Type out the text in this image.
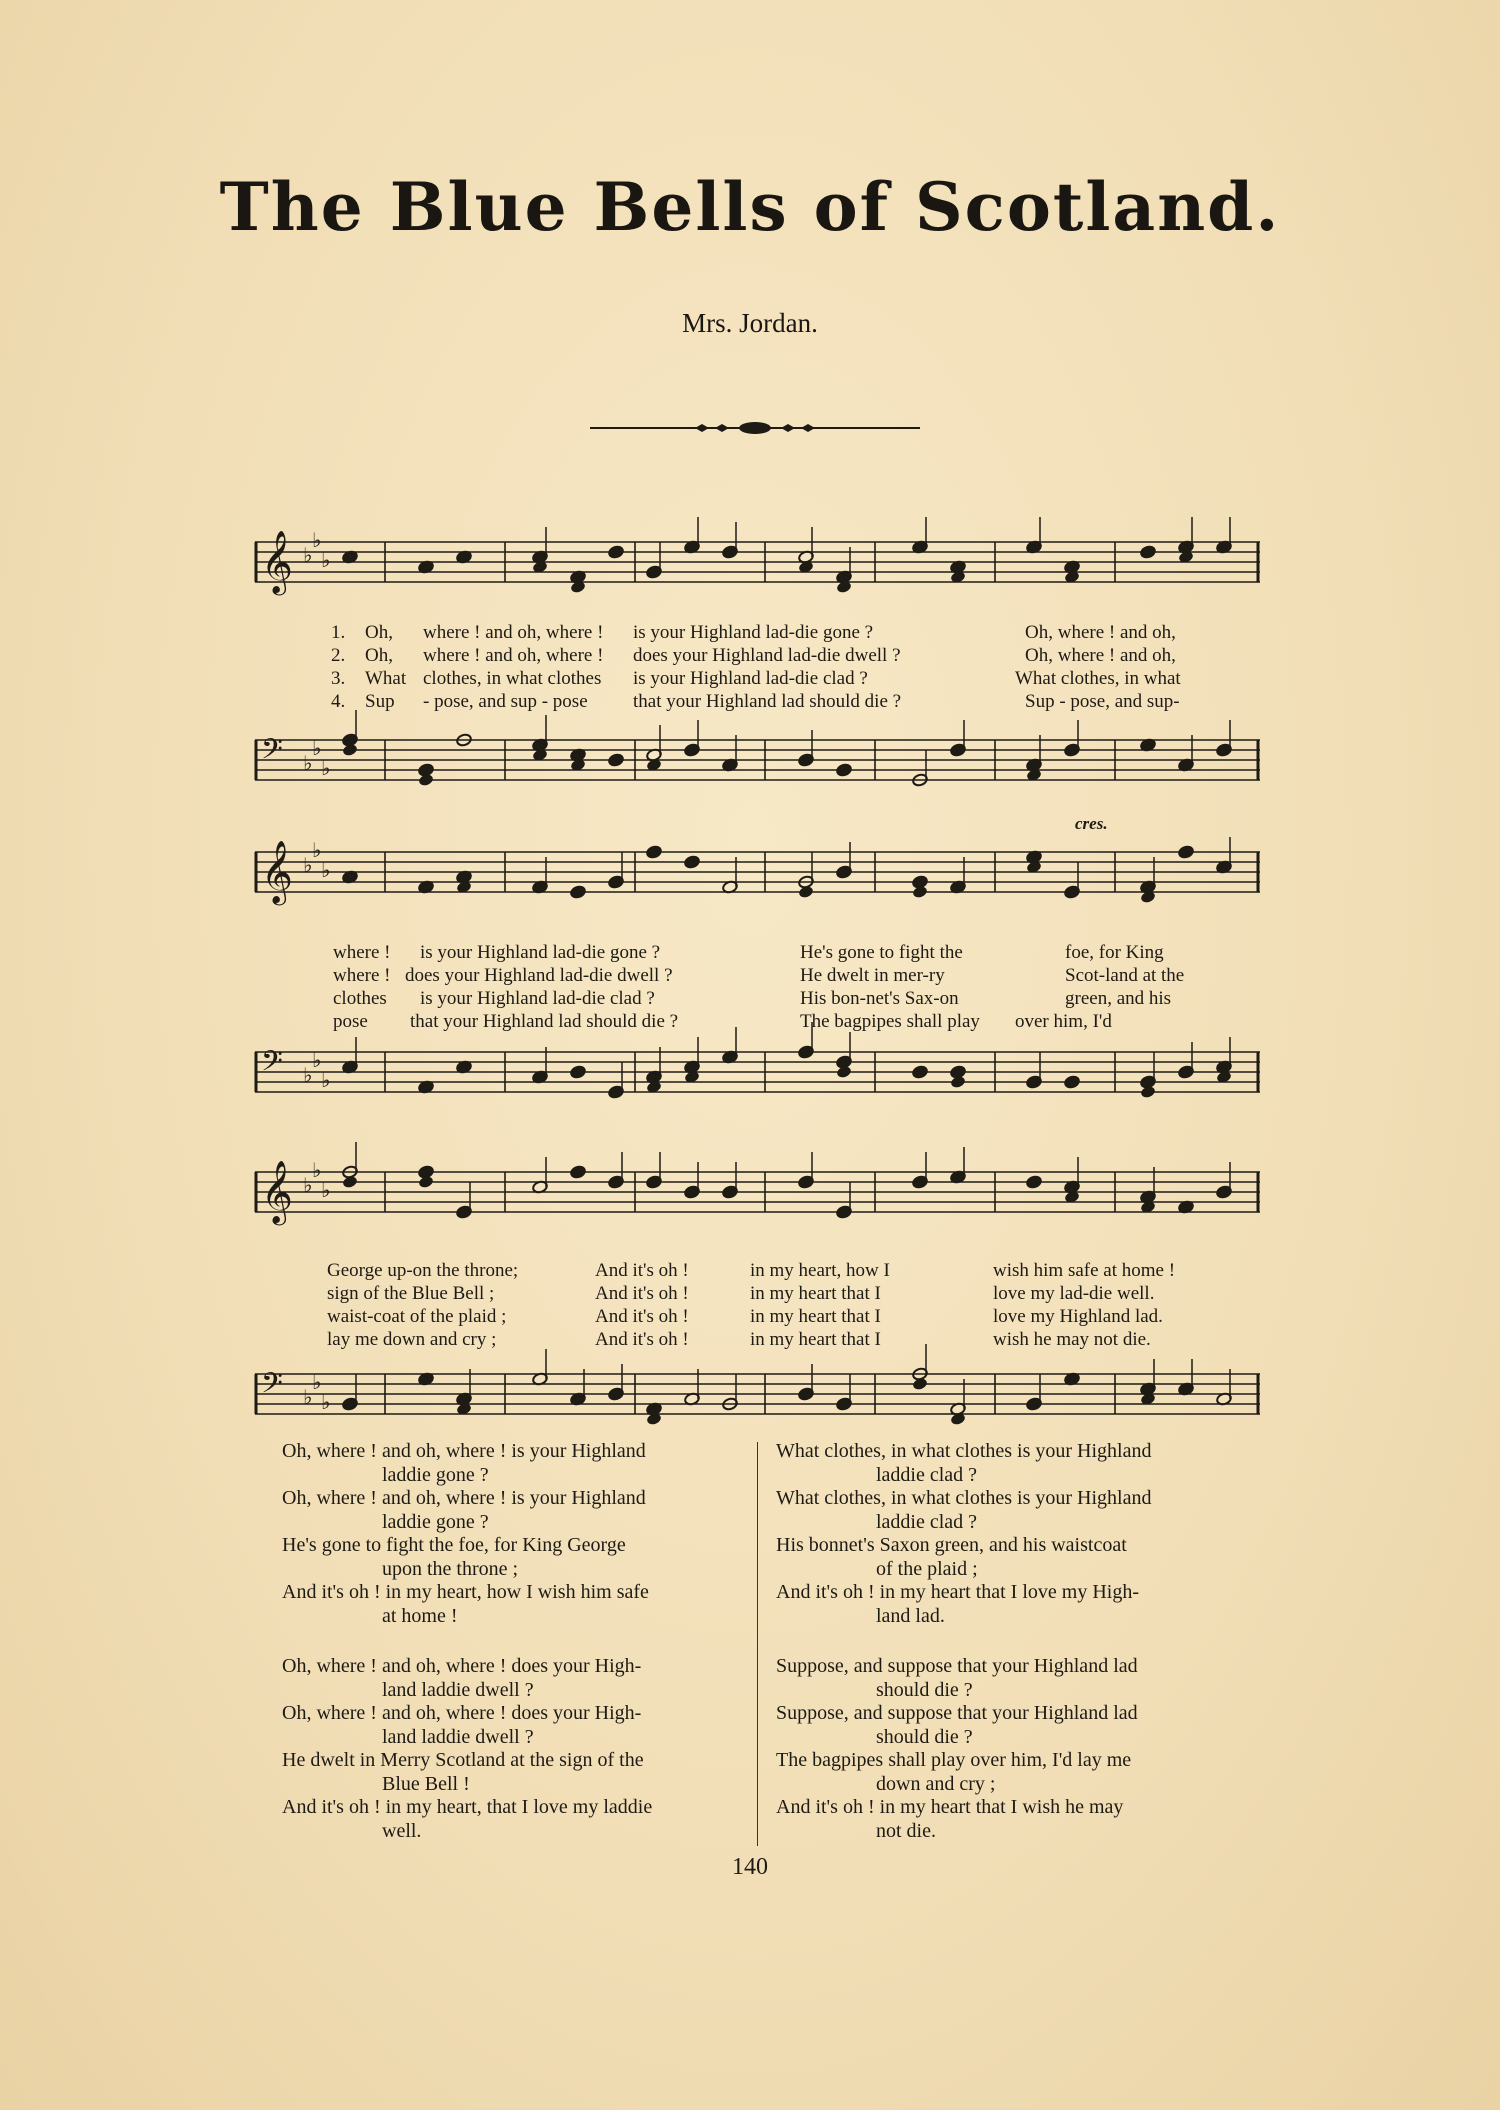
The Blue Bells of Scotland.
Mrs. Jordan.
𝄞 ♭
♭
♭
1.
2.
3.
4.
Oh, where ! and oh, where ! is your Highland lad-die gone ?	Oh, where ! and oh,
Oh, where ! and oh, where ! does your Highland lad-die dwell ?	Oh, where ! and oh,
What clothes, in what clothes is your Highland lad-die clad ?	What clothes, in what
Sup - pose, and sup - pose that your Highland lad should die ?	Sup - pose, and sup-
𝄢 ♭
♭
♭
cres.
𝄞 ♭
♭
♭
where ! is your Highland lad-die gone ?	He's gone to fight the	foe, for King
where ! does your Highland lad-die dwell ?	He dwelt in mer-ry	Scot-land at the
clothes is your Highland lad-die clad ?	His bon-net's Sax-on	green, and his
pose that your Highland lad should die ?	The bagpipes shall play over him, I'd
𝄢 ♭
♭
♭
𝄞 ♭
♭
♭
George up-on the throne;	And it's oh !	in my heart, how I	wish him safe at home !
sign of the Blue Bell ;	And it's oh !	in my heart that I	love my lad-die well.
waist-coat of the plaid ;	And it's oh !	in my heart that I	love my Highland lad.
lay me down and cry ;	And it's oh !	in my heart that I	wish he may not die.
𝄢 ♭
♭
♭
Oh, where ! and oh, where ! is your Highland
laddie gone ?
Oh, where ! and oh, where ! is your Highland
laddie gone ?
He's gone to fight the foe, for King George
upon the throne ;
And it's oh ! in my heart, how I wish him safe
at home !
Oh, where ! and oh, where ! does your High-
land laddie dwell ?
Oh, where ! and oh, where ! does your High-
land laddie dwell ?
He dwelt in Merry Scotland at the sign of the
Blue Bell !
And it's oh ! in my heart, that I love my laddie
well.
What clothes, in what clothes is your Highland
laddie clad ?
What clothes, in what clothes is your Highland
laddie clad ?
His bonnet's Saxon green, and his waistcoat
of the plaid ;
And it's oh ! in my heart that I love my High-
land lad.
Suppose, and suppose that your Highland lad
should die ?
Suppose, and suppose that your Highland lad
should die ?
The bagpipes shall play over him, I'd lay me
down and cry ;
And it's oh ! in my heart that I wish he may
not die.
140
